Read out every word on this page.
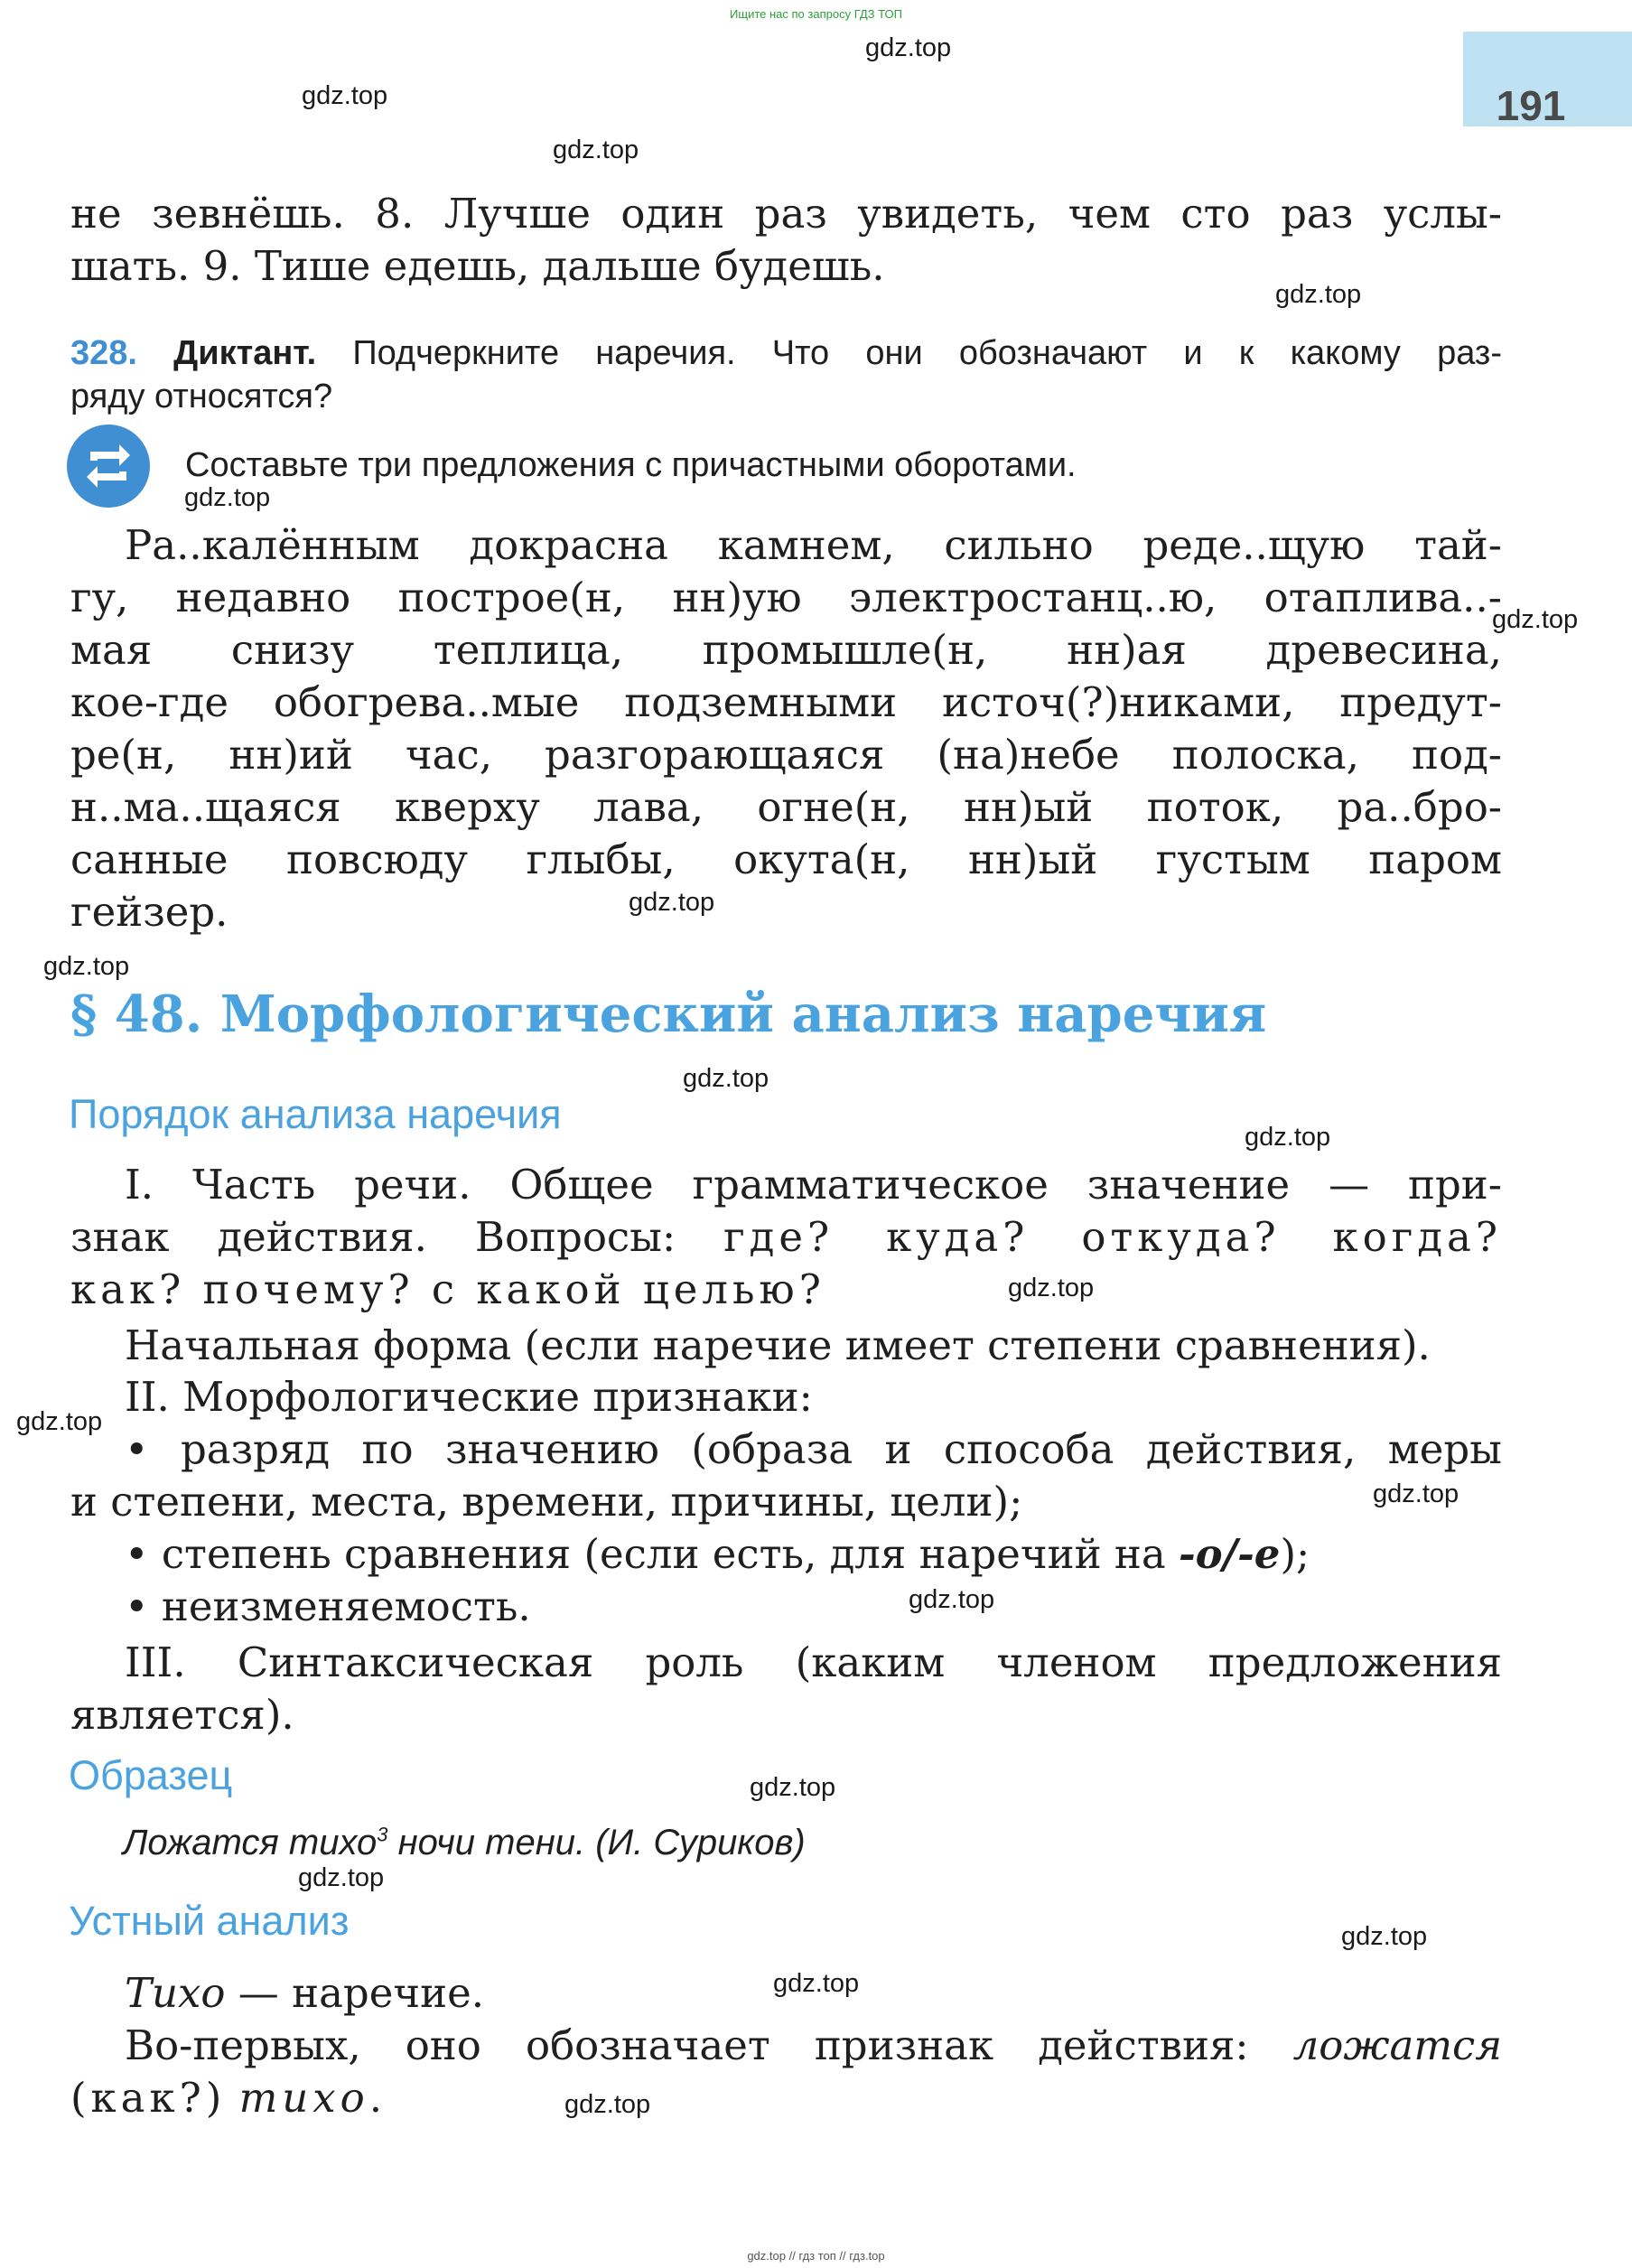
Ищите нас по запросу ГДЗ ТОП
191
gdz.top
gdz.top
gdz.top
gdz.top
gdz.top
gdz.top
gdz.top
gdz.top
gdz.top
gdz.top
gdz.top
gdz.top
gdz.top
gdz.top
gdz.top
gdz.top
gdz.top
gdz.top
gdz.top
не зевнёшь. 8. Лучше один раз увидеть, чем сто раз услы-
шать. 9. Тише едешь, дальше будешь.
328. Диктант. Подчеркните наречия. Что они обозначают и к какому раз-
ряду относятся?
Составьте три предложения с причастными оборотами.
Ра..калённым докрасна камнем, сильно реде..щую тай-
гу, недавно построе(н, нн)ую электростанц..ю, отаплива..-
мая снизу теплица, промышле(н, нн)ая древесина,
кое-где обогрева..мые подземными источ(?)никами, предут-
ре(н, нн)ий час, разгорающаяся (на)небе полоска, под-
н..ма..щаяся кверху лава, огне(н, нн)ый поток, ра..бро-
санные повсюду глыбы, окута(н, нн)ый густым паром
гейзер.
§ 48. Морфологический анализ наречия
Порядок анализа наречия
I. Часть речи. Общее грамматическое значение — при-
знак действия. Вопросы: где? куда? откуда? когда?
как? почему? с какой целью?
Начальная форма (если наречие имеет степени сравнения).
II. Морфологические признаки:
• разряд по значению (образа и способа действия, меры
и степени, места, времени, причины, цели);
• степень сравнения (если есть, для наречий на -о/-е);
• неизменяемость.
III. Синтаксическая роль (каким членом предложения
является).
Образец
Ложатся тихо$^3$ ночи тени. (И. Суриков)
Устный анализ
Тихо — наречие.
Во-первых, оно обозначает признак действия: ложатся
(как?) тихо.
gdz.top // гдз топ // гдз.top
